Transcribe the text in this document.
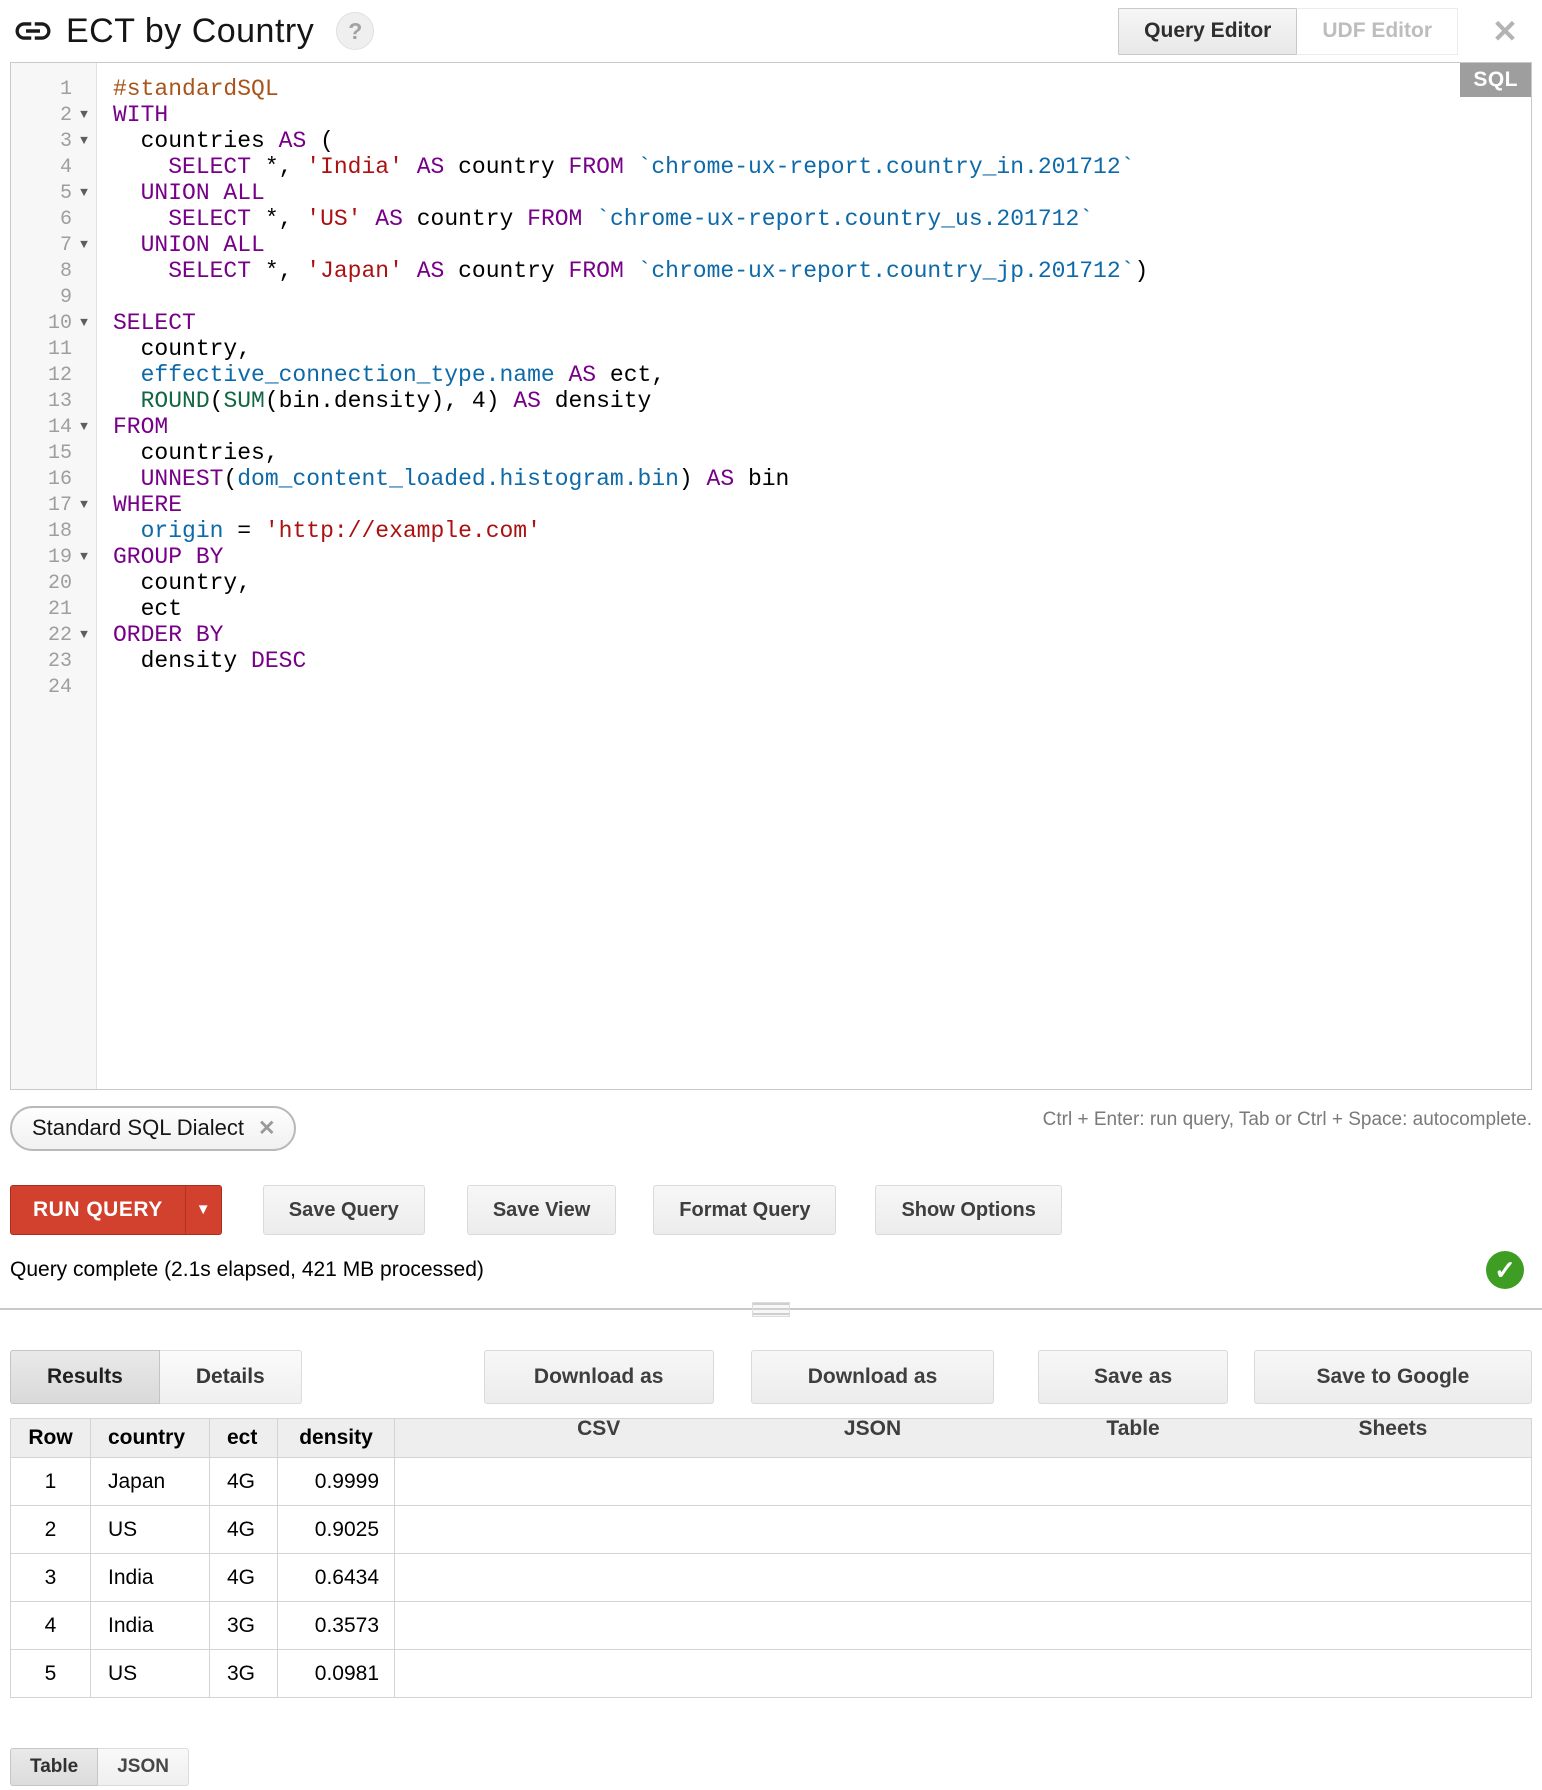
ECT by Country	?	Query Editor	UDF Editor	✕
1
2 ▼
3 ▼
4
5 ▼
6
7 ▼
8
9
10 ▼
11
12
13
14 ▼
15
16
17 ▼
18
19 ▼
20
21
22 ▼
23
24
#standardSQL
WITH
countries AS (
SELECT *, 'India' AS country FROM `chrome-ux-report.country_in.201712`
UNION ALL
SELECT *, 'US' AS country FROM `chrome-ux-report.country_us.201712`
UNION ALL
SELECT *, 'Japan' AS country FROM `chrome-ux-report.country_jp.201712`)

SELECT
country,
effective_connection_type.name AS ect,
ROUND(SUM(bin.density), 4) AS density
FROM
countries,
UNNEST(dom_content_loaded.histogram.bin) AS bin
WHERE
origin = 'http://example.com'
GROUP BY
country,
ect
ORDER BY
density DESC

SQL
Standard SQL Dialect ✕	Ctrl + Enter: run query, Tab or Ctrl + Space: autocomplete.
RUN QUERY	▼	Save Query	Save View	Format Query	Show Options
Query complete (2.1s elapsed, 421 MB processed)	✓
Results	Details	Download as CSV
Download as JSON
Save as Table
Save to Google Sheets
Row	country	ect	density	
1	Japan	4G	0.9999	
2	US	4G	0.9025	
3	India	4G	0.6434	
4	India	3G	0.3573	
5	US	3G	0.0981	
Table	JSON
